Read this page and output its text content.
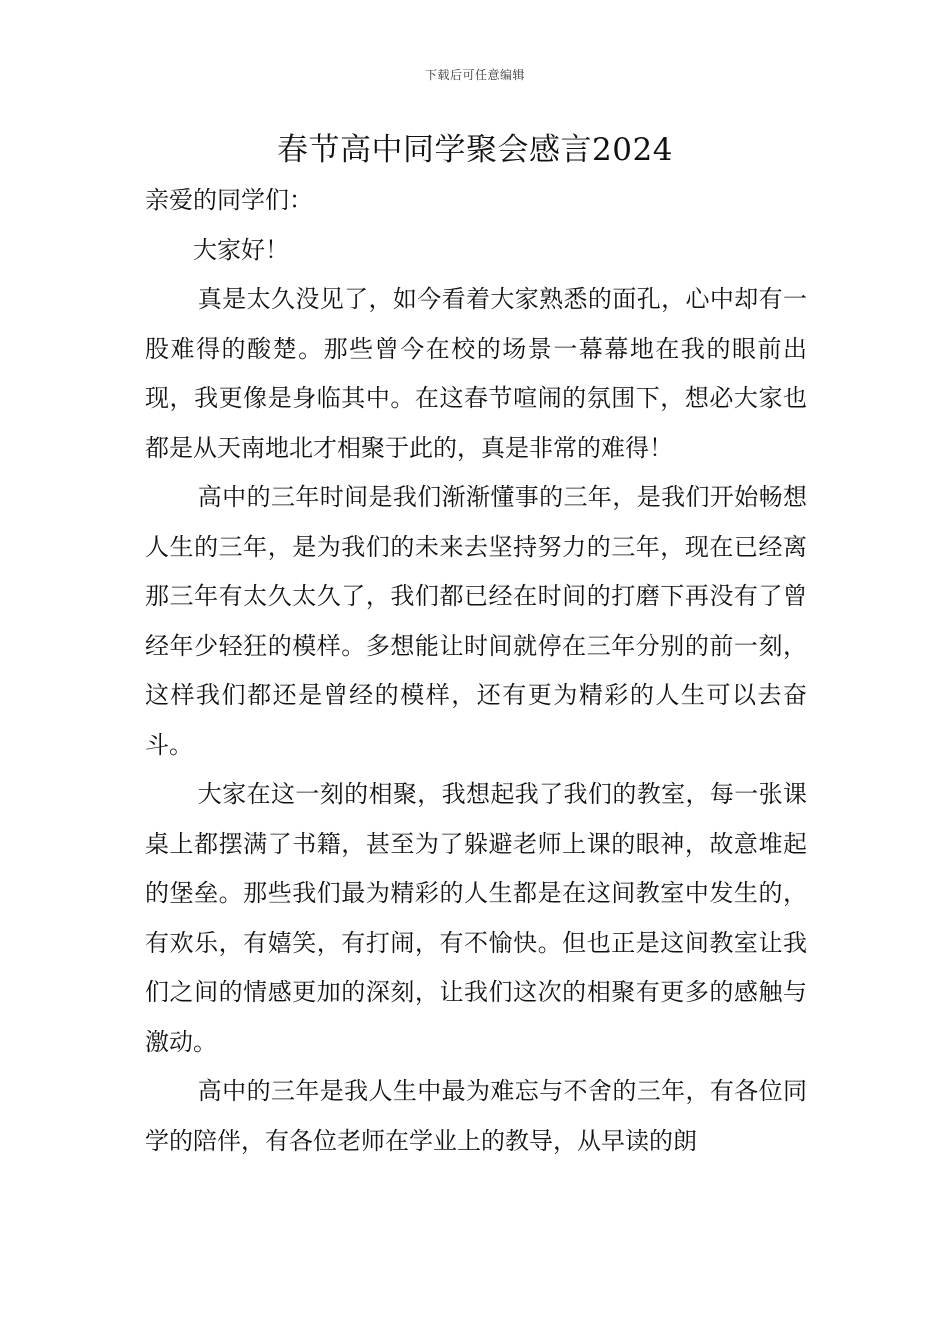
下载后可任意编辑
春节高中同学聚会感言2024

亲爱的同学们：

大家好！

真是太久没见了，如今看着大家熟悉的面孔，心中却有一股难得的酸楚。那些曾今在校的场景一幕幕地在我的眼前出现，我更像是身临其中。在这春节喧闹的氛围下，想必大家也都是从天南地北才相聚于此的，真是非常的难得！

高中的三年时间是我们渐渐懂事的三年，是我们开始畅想人生的三年，是为我们的未来去坚持努力的三年，现在已经离那三年有太久太久了，我们都已经在时间的打磨下再没有了曾经年少轻狂的模样。多想能让时间就停在三年分别的前一刻，这样我们都还是曾经的模样，还有更为精彩的人生可以去奋斗。

大家在这一刻的相聚，我想起我了我们的教室，每一张课桌上都摆满了书籍，甚至为了躲避老师上课的眼神，故意堆起的堡垒。那些我们最为精彩的人生都是在这间教室中发生的，有欢乐，有嬉笑，有打闹，有不愉快。但也正是这间教室让我们之间的情感更加的深刻，让我们这次的相聚有更多的感触与激动。

高中的三年是我人生中最为难忘与不舍的三年，有各位同学的陪伴，有各位老师在学业上的教导，从早读的朗
